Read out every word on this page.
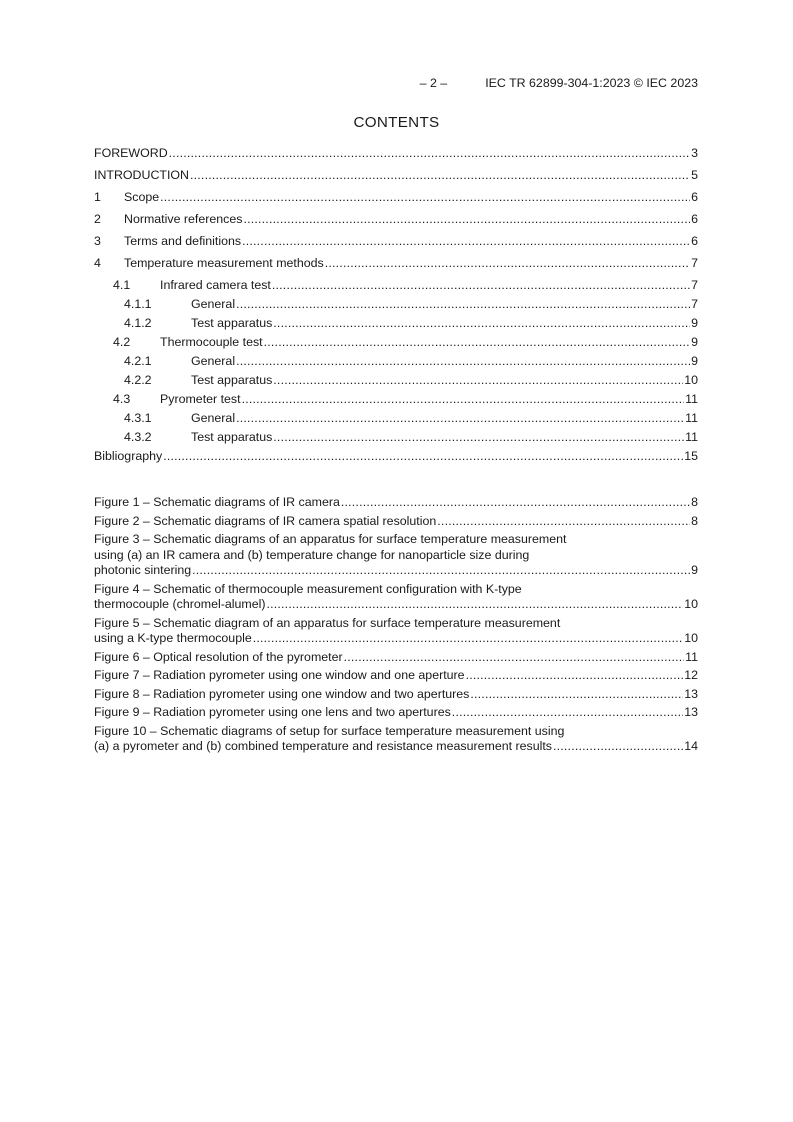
– 2 –	IEC TR 62899-304-1:2023 © IEC 2023
CONTENTS
FOREWORD .....	3
INTRODUCTION .....	5
1	Scope .....	6
2	Normative references .....	6
3	Terms and definitions .....	6
4	Temperature measurement methods .....	7
4.1	Infrared camera test .....	7
4.1.1	General .....	7
4.1.2	Test apparatus .....	9
4.2	Thermocouple test .....	9
4.2.1	General .....	9
4.2.2	Test apparatus .....	10
4.3	Pyrometer test .....	11
4.3.1	General .....	11
4.3.2	Test apparatus .....	11
Bibliography .....	15
Figure 1 – Schematic diagrams of IR camera .....	8
Figure 2 – Schematic diagrams of IR camera spatial resolution .....	8
Figure 3 – Schematic diagrams of an apparatus for surface temperature measurement
using (a) an IR camera and (b) temperature change for nanoparticle size during
photonic sintering .....	9
Figure 4 – Schematic of thermocouple measurement configuration with K-type
thermocouple (chromel-alumel) .....	10
Figure 5 – Schematic diagram of an apparatus for surface temperature measurement
using a K-type thermocouple .....	10
Figure 6 – Optical resolution of the pyrometer .....	11
Figure 7 – Radiation pyrometer using one window and one aperture .....	12
Figure 8 – Radiation pyrometer using one window and two apertures .....	13
Figure 9 – Radiation pyrometer using one lens and two apertures .....	13
Figure 10 – Schematic diagrams of setup for surface temperature measurement using
(a) a pyrometer and (b) combined temperature and resistance measurement results .....	14
